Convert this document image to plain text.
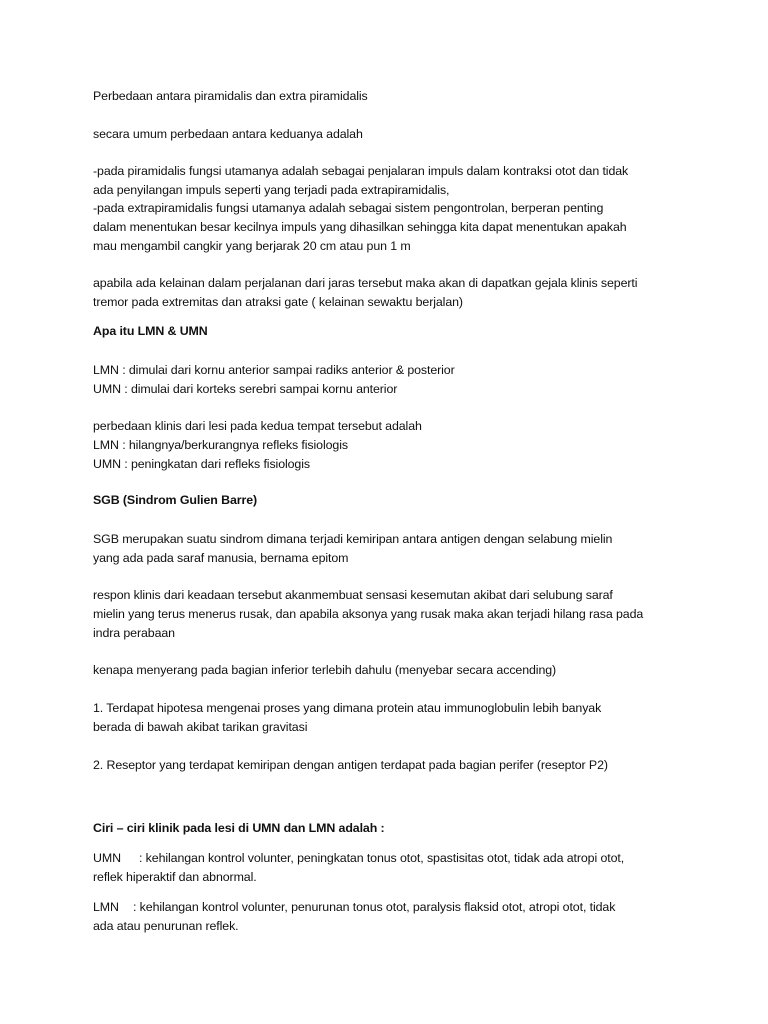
Perbedaan antara piramidalis dan extra piramidalis
secara umum perbedaan antara keduanya adalah
-pada piramidalis fungsi utamanya adalah sebagai penjalaran impuls dalam kontraksi otot dan tidak
ada penyilangan impuls seperti yang terjadi pada extrapiramidalis,
-pada extrapiramidalis fungsi utamanya adalah sebagai sistem pengontrolan, berperan penting
dalam menentukan besar kecilnya impuls yang dihasilkan sehingga kita dapat menentukan apakah
mau mengambil cangkir yang berjarak 20 cm atau pun 1 m
apabila ada kelainan dalam perjalanan dari jaras tersebut maka akan di dapatkan gejala klinis seperti
tremor pada extremitas dan atraksi gate ( kelainan sewaktu berjalan)
Apa itu LMN & UMN
LMN : dimulai dari kornu anterior sampai radiks anterior & posterior
UMN : dimulai dari korteks serebri sampai kornu anterior
perbedaan klinis dari lesi pada kedua tempat tersebut adalah
LMN : hilangnya/berkurangnya refleks fisiologis
UMN : peningkatan dari refleks fisiologis
SGB (Sindrom Gulien Barre)
SGB merupakan suatu sindrom dimana terjadi kemiripan antara antigen dengan selabung mielin
yang ada pada saraf manusia, bernama epitom
respon klinis dari keadaan tersebut akanmembuat sensasi kesemutan akibat dari selubung saraf
mielin yang terus menerus rusak, dan apabila aksonya yang rusak maka akan terjadi hilang rasa pada
indra perabaan
kenapa menyerang pada bagian inferior terlebih dahulu (menyebar secara accending)
1. Terdapat hipotesa mengenai proses yang dimana protein atau immunoglobulin lebih banyak
berada di bawah akibat tarikan gravitasi
2. Reseptor yang terdapat kemiripan dengan antigen terdapat pada bagian perifer (reseptor P2)
Ciri – ciri klinik pada lesi di UMN dan LMN adalah :
UMN : kehilangan kontrol volunter, peningkatan tonus otot, spastisitas otot, tidak ada atropi otot,
reflek hiperaktif dan abnormal.
LMN : kehilangan kontrol volunter, penurunan tonus otot, paralysis flaksid otot, atropi otot, tidak
ada atau penurunan reflek.
